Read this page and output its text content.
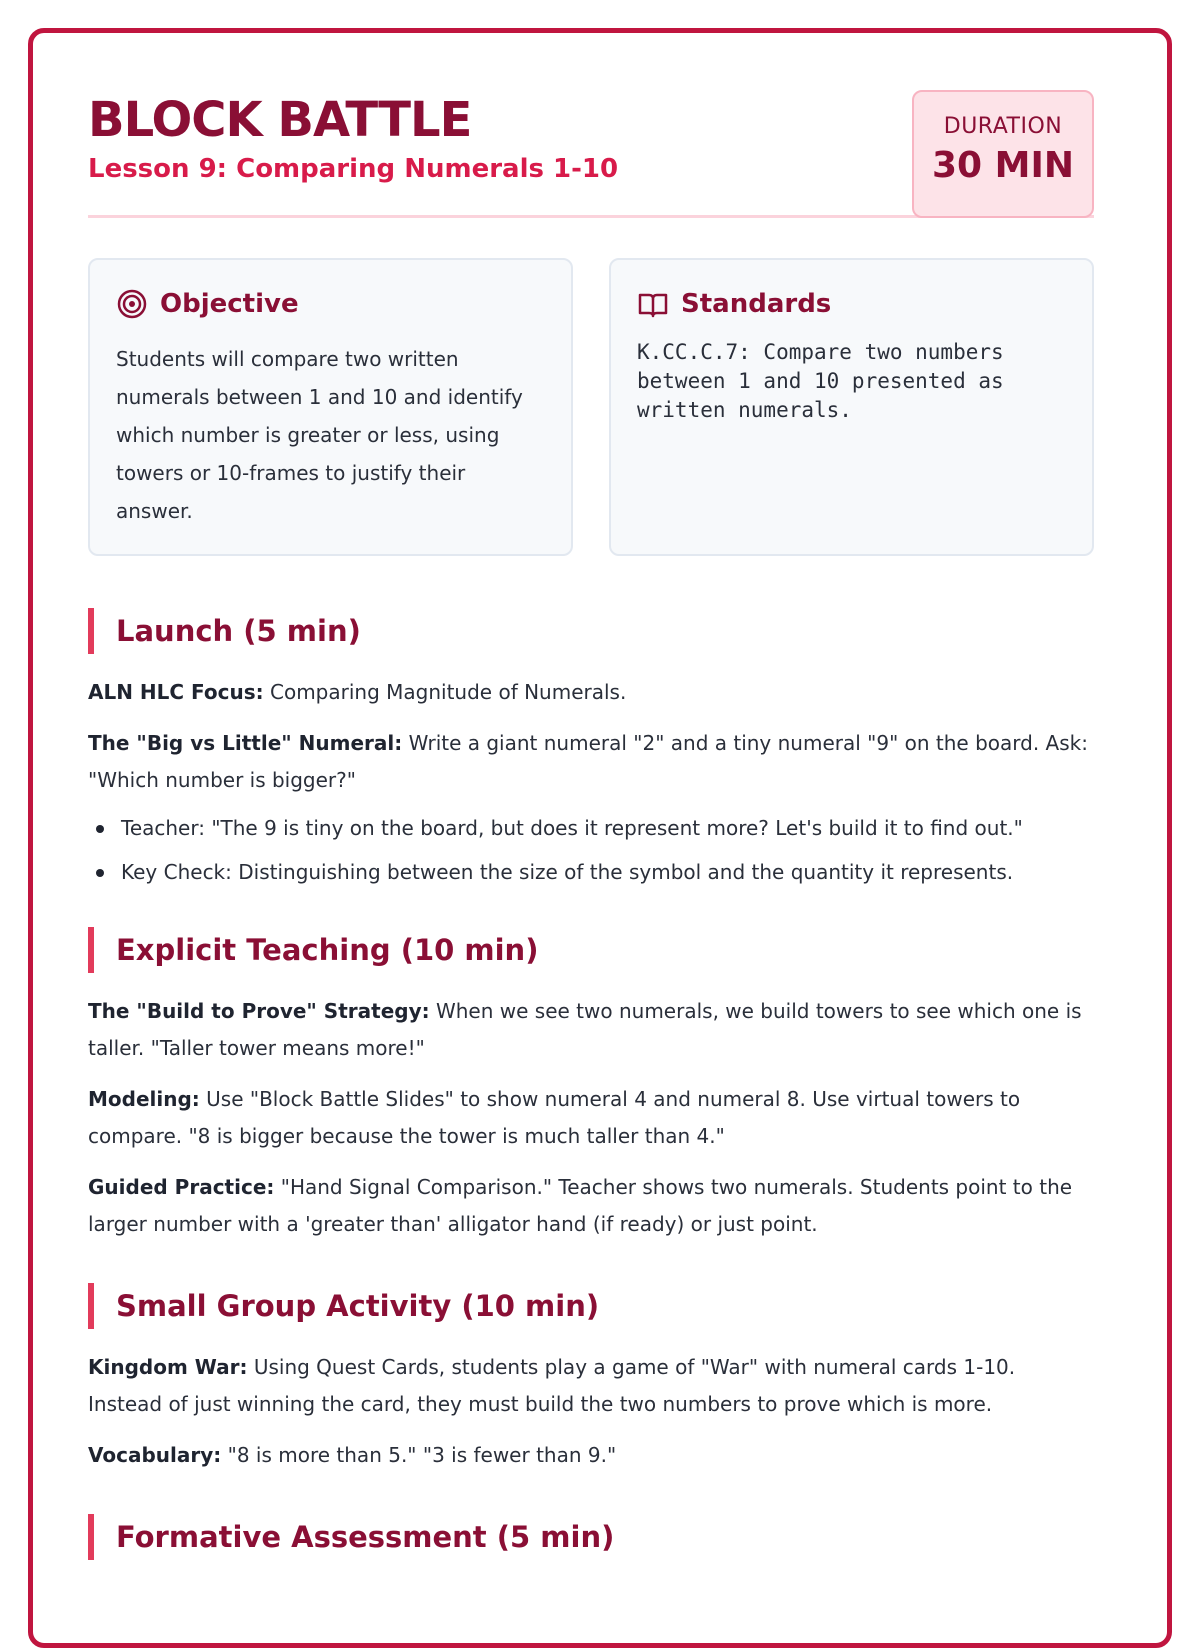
BLOCK BATTLE
Lesson 9: Comparing Numerals 1-10
DURATION
30 MIN
Objective
Students will compare two written numerals between 1 and 10 and identify which number is greater or less, using towers or 10-frames to justify their answer.
Standards
K.CC.C.7: Compare two numbers between 1 and 10 presented as written numerals.
Launch (5 min)

ALN HLC Focus: Comparing Magnitude of Numerals.

The "Big vs Little" Numeral: Write a giant numeral "2" and a tiny numeral "9" on the board. Ask: "Which number is bigger?"

Teacher: "The 9 is tiny on the board, but does it represent more? Let's build it to find out."
Key Check: Distinguishing between the size of the symbol and the quantity it represents.
Explicit Teaching (10 min)

The "Build to Prove" Strategy: When we see two numerals, we build towers to see which one is taller. "Taller tower means more!"

Modeling: Use "Block Battle Slides" to show numeral 4 and numeral 8. Use virtual towers to compare. "8 is bigger because the tower is much taller than 4."

Guided Practice: "Hand Signal Comparison." Teacher shows two numerals. Students point to the larger number with a 'greater than' alligator hand (if ready) or just point.

Small Group Activity (10 min)

Kingdom War: Using Quest Cards, students play a game of "War" with numeral cards 1-10. Instead of just winning the card, they must build the two numbers to prove which is more.

Vocabulary: "8 is more than 5." "3 is fewer than 9."

Formative Assessment (5 min)
